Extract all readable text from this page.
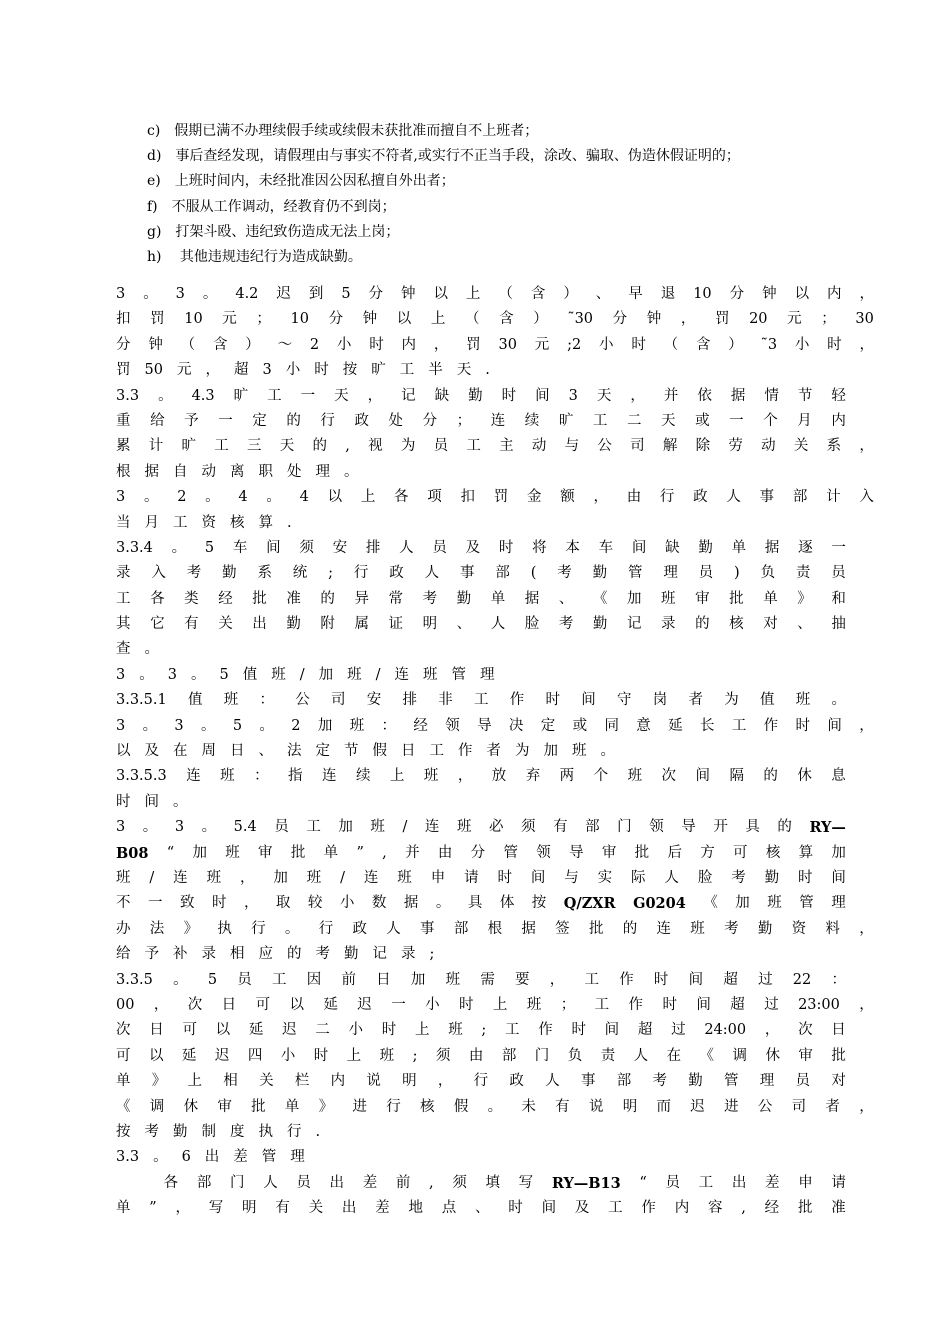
c)　假期已满不办理续假手续或续假未获批准而擅自不上班者；
d)　事后查经发现，请假理由与事实不符者,或实行不正当手段，涂改、骗取、伪造休假证明的；
e)　上班时间内，未经批准因公因私擅自外出者；
f)　不服从工作调动，经教育仍不到岗；
g)　打架斗殴、违纪致伤造成无法上岗；
h)　 其他违规违纪行为造成缺勤。
3 。 3 。 4.2 迟 到 5 分 钟 以 上 （ 含 ） 、 早 退 10 分 钟 以 内 ，
扣 罚 10 元 ； 10 分 钟 以 上 （ 含 ） ˜30 分 钟 ， 罚 20 元 ； 30
分 钟 （ 含 ） ～ 2 小 时 内 ， 罚 30 元 ;2 小 时 （ 含 ） ˜3 小 时 ，
罚 50 元 ， 超 3 小 时 按 旷 工 半 天 .
3.3 。 4.3 旷 工 一 天 ， 记 缺 勤 时 间 3 天 ， 并 依 据 情 节 轻
重 给 予 一 定 的 行 政 处 分 ； 连 续 旷 工 二 天 或 一 个 月 内
累 计 旷 工 三 天 的 , 视 为 员 工 主 动 与 公 司 解 除 劳 动 关 系 ，
根 据 自 动 离 职 处 理 。
3 。 2 。 4 。 4 以 上 各 项 扣 罚 金 额 ， 由 行 政 人 事 部 计 入
当 月 工 资 核 算 .
3.3.4 。 5 车 间 须 安 排 人 员 及 时 将 本 车 间 缺 勤 单 据 逐 一
录 入 考 勤 系 统 ; 行 政 人 事 部 ( 考 勤 管 理 员 ) 负 责 员
工 各 类 经 批 准 的 异 常 考 勤 单 据 、 《 加 班 审 批 单 》 和
其 它 有 关 出 勤 附 属 证 明 、 人 脸 考 勤 记 录 的 核 对 、 抽
查 。
3 。 3 。 5 值 班 / 加 班 / 连 班 管 理
3.3.5.1 值 班 ： 公 司 安 排 非 工 作 时 间 守 岗 者 为 值 班 。
3 。 3 。 5 。 2 加 班 ： 经 领 导 决 定 或 同 意 延 长 工 作 时 间 ，
以 及 在 周 日 、 法 定 节 假 日 工 作 者 为 加 班 。
3.3.5.3 连 班 ： 指 连 续 上 班 ， 放 弃 两 个 班 次 间 隔 的 休 息
时 间 。
3 。 3 。 5.4 员 工 加 班 / 连 班 必 须 有 部 门 领 导 开 具 的 RY—
B08 “ 加 班 审 批 单 ” , 并 由 分 管 领 导 审 批 后 方 可 核 算 加
班 / 连 班 ， 加 班 / 连 班 申 请 时 间 与 实 际 人 脸 考 勤 时 间
不 一 致 时 ， 取 较 小 数 据 。 具 体 按 Q/ZXR G0204 《 加 班 管 理
办 法 》 执 行 。 行 政 人 事 部 根 据 签 批 的 连 班 考 勤 资 料 ，
给 予 补 录 相 应 的 考 勤 记 录 ;
3.3.5 。 5 员 工 因 前 日 加 班 需 要 ， 工 作 时 间 超 过 22 ：
00 ， 次 日 可 以 延 迟 一 小 时 上 班 ； 工 作 时 间 超 过 23:00 ，
次 日 可 以 延 迟 二 小 时 上 班 ; 工 作 时 间 超 过 24:00 ， 次 日
可 以 延 迟 四 小 时 上 班 ; 须 由 部 门 负 责 人 在 《 调 休 审 批
单 》 上 相 关 栏 内 说 明 ， 行 政 人 事 部 考 勤 管 理 员 对
《 调 休 审 批 单 》 进 行 核 假 。 未 有 说 明 而 迟 进 公 司 者 ，
按 考 勤 制 度 执 行 .
3.3 。 6 出 差 管 理

各 部 门 人 员 出 差 前 , 须 填 写 RY—B13 “ 员 工 出 差 申 请
单 ” ， 写 明 有 关 出 差 地 点 、 时 间 及 工 作 内 容 , 经 批 准
